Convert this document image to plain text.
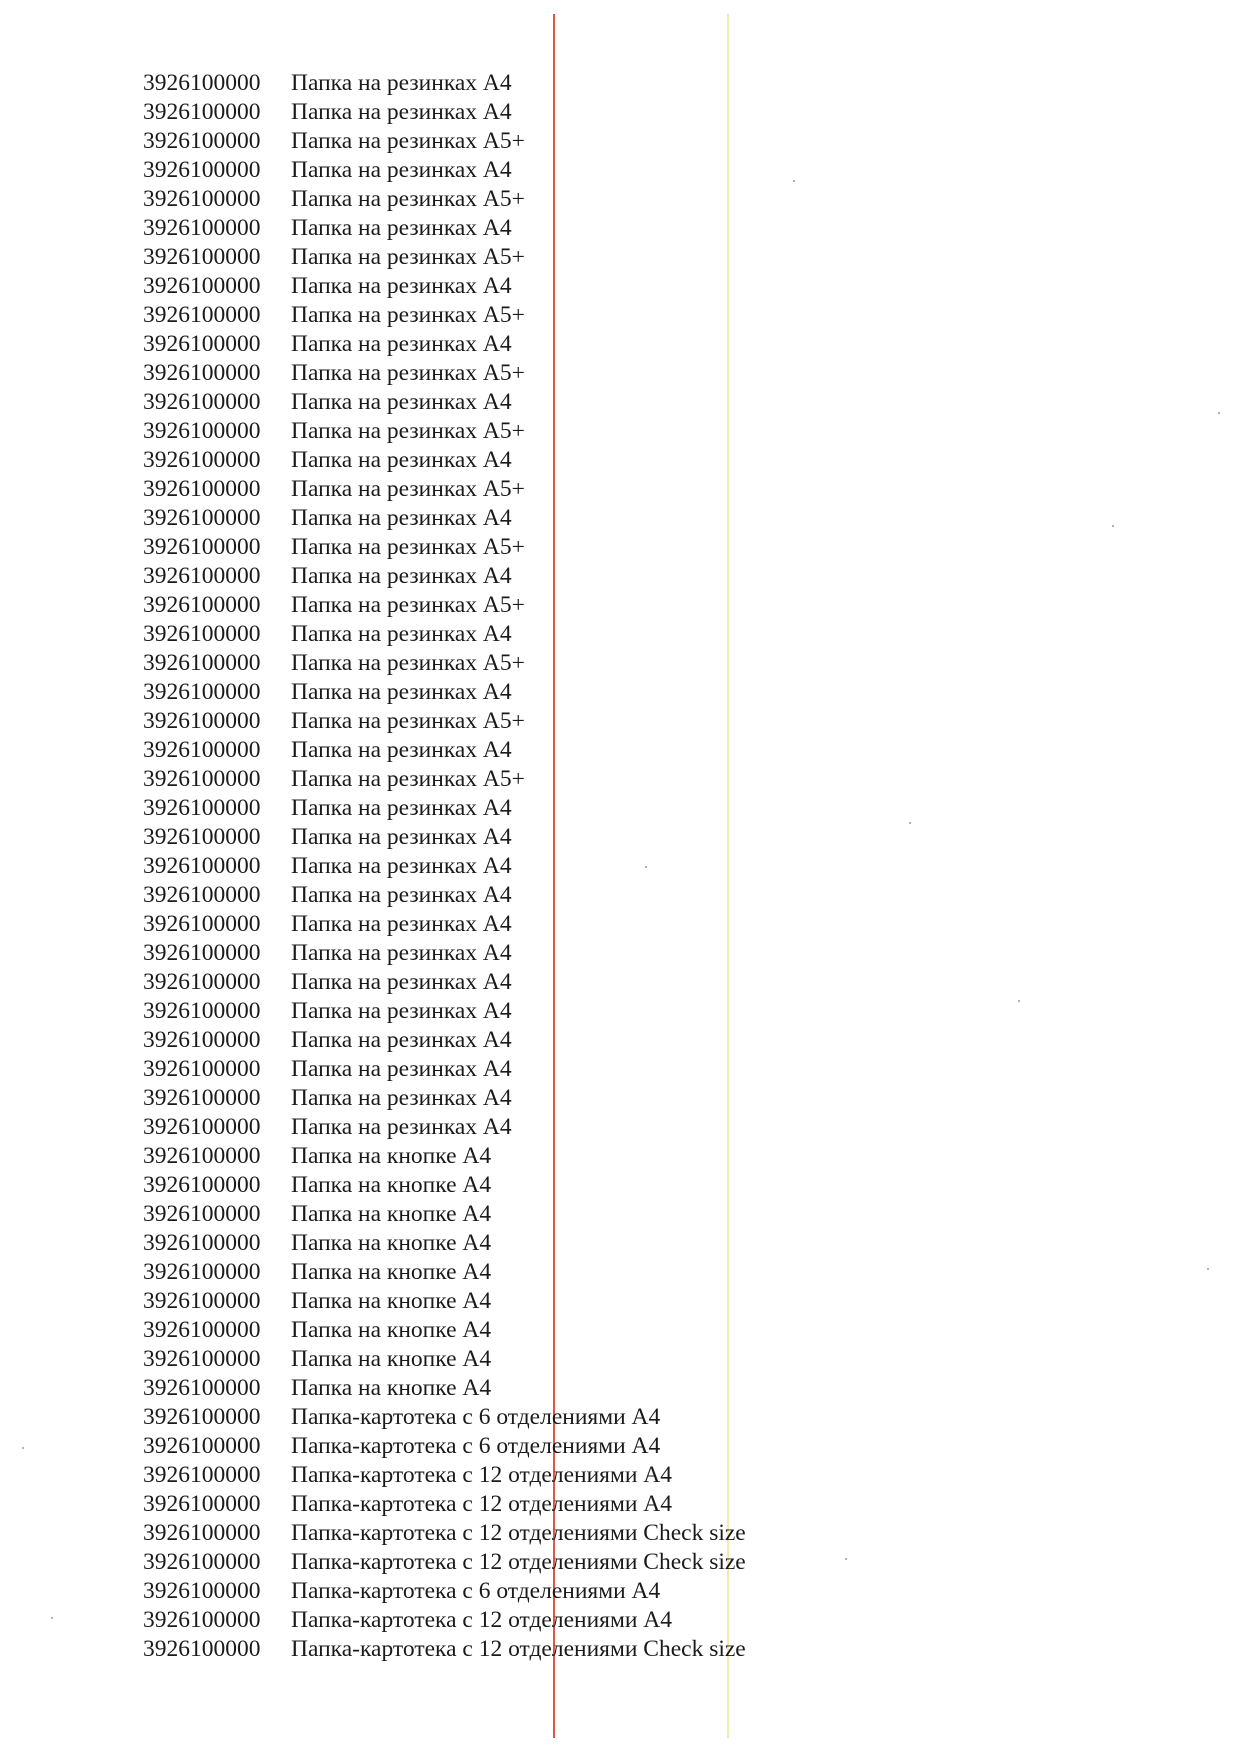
3926100000	Папка на резинках А4
3926100000	Папка на резинках А4
3926100000	Папка на резинках А5+
3926100000	Папка на резинках А4
3926100000	Папка на резинках А5+
3926100000	Папка на резинках А4
3926100000	Папка на резинках А5+
3926100000	Папка на резинках А4
3926100000	Папка на резинках А5+
3926100000	Папка на резинках А4
3926100000	Папка на резинках А5+
3926100000	Папка на резинках А4
3926100000	Папка на резинках А5+
3926100000	Папка на резинках А4
3926100000	Папка на резинках А5+
3926100000	Папка на резинках А4
3926100000	Папка на резинках А5+
3926100000	Папка на резинках А4
3926100000	Папка на резинках А5+
3926100000	Папка на резинках А4
3926100000	Папка на резинках А5+
3926100000	Папка на резинках А4
3926100000	Папка на резинках А5+
3926100000	Папка на резинках А4
3926100000	Папка на резинках А5+
3926100000	Папка на резинках А4
3926100000	Папка на резинках А4
3926100000	Папка на резинках А4
3926100000	Папка на резинках А4
3926100000	Папка на резинках А4
3926100000	Папка на резинках А4
3926100000	Папка на резинках А4
3926100000	Папка на резинках А4
3926100000	Папка на резинках А4
3926100000	Папка на резинках А4
3926100000	Папка на резинках А4
3926100000	Папка на резинках А4
3926100000	Папка на кнопке А4
3926100000	Папка на кнопке А4
3926100000	Папка на кнопке А4
3926100000	Папка на кнопке А4
3926100000	Папка на кнопке А4
3926100000	Папка на кнопке А4
3926100000	Папка на кнопке А4
3926100000	Папка на кнопке А4
3926100000	Папка на кнопке А4
3926100000	Папка-картотека с 6 отделениями А4
3926100000	Папка-картотека с 6 отделениями А4
3926100000	Папка-картотека с 12 отделениями А4
3926100000	Папка-картотека с 12 отделениями А4
3926100000	Папка-картотека с 12 отделениями Check size
3926100000	Папка-картотека с 12 отделениями Check size
3926100000	Папка-картотека с 6 отделениями А4
3926100000	Папка-картотека с 12 отделениями А4
3926100000	Папка-картотека с 12 отделениями Check size
